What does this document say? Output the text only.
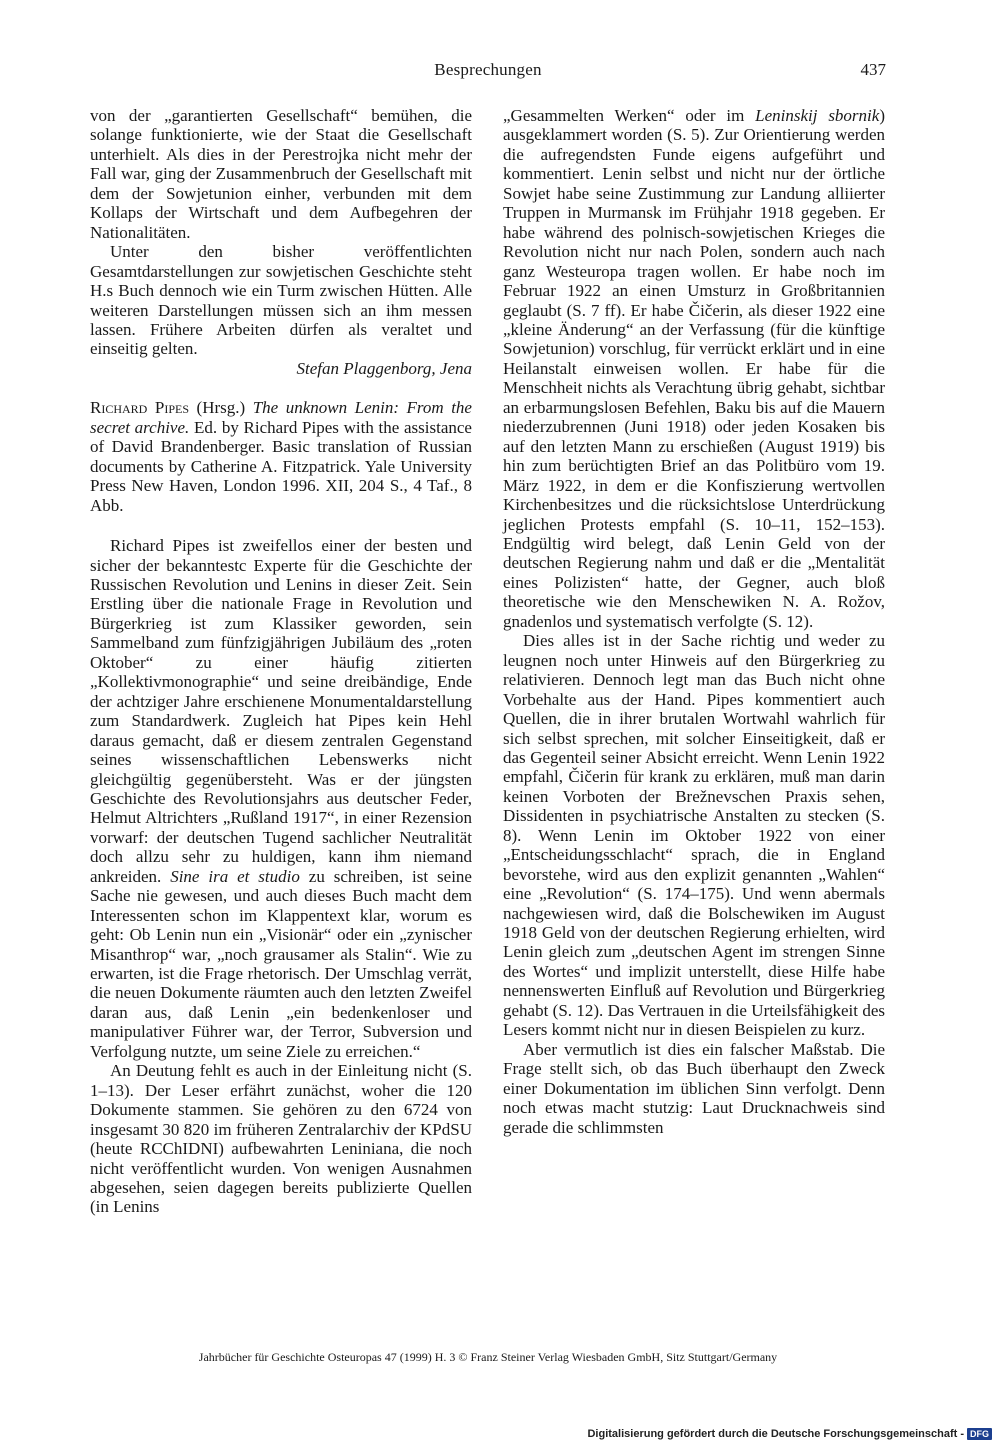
Besprechungen	437

von der „garantierten Gesellschaft“ bemühen, die solange funktionierte, wie der Staat die Gesellschaft unterhielt. Als dies in der Perestrojka nicht mehr der Fall war, ging der Zusammenbruch der Gesellschaft mit dem der Sowjetunion einher, verbunden mit dem Kollaps der Wirtschaft und dem Aufbegehren der Nationalitäten.

Unter den bisher veröffentlichten Gesamtdarstellungen zur sowjetischen Geschichte steht H.s Buch dennoch wie ein Turm zwischen Hütten. Alle weiteren Darstellungen müssen sich an ihm messen lassen. Frühere Arbeiten dürfen als veraltet und einseitig gelten.

Stefan Plaggenborg, Jena

Richard Pipes (Hrsg.) The unknown Lenin: From the secret archive. Ed. by Richard Pipes with the assistance of David Brandenberger. Basic translation of Russian documents by Catherine A. Fitzpatrick. Yale University Press New Haven, London 1996. XII, 204 S., 4 Taf., 8 Abb.

Richard Pipes ist zweifellos einer der besten und sicher der bekanntestc Experte für die Geschichte der Russischen Revolution und Lenins in dieser Zeit. Sein Erstling über die nationale Frage in Revolution und Bürgerkrieg ist zum Klassiker geworden, sein Sammelband zum fünfzigjährigen Jubiläum des „roten Oktober“ zu einer häufig zitierten „Kollektivmonographie“ und seine dreibändige, Ende der achtziger Jahre erschienene Monumentaldarstellung zum Standardwerk. Zugleich hat Pipes kein Hehl daraus gemacht, daß er diesem zentralen Gegenstand seines wissenschaftlichen Lebenswerks nicht gleichgültig gegenübersteht. Was er der jüngsten Geschichte des Revolutionsjahrs aus deutscher Feder, Helmut Altrichters „Rußland 1917“, in einer Rezension vorwarf: der deutschen Tugend sachlicher Neutralität doch allzu sehr zu huldigen, kann ihm niemand ankreiden. Sine ira et studio zu schreiben, ist seine Sache nie gewesen, und auch dieses Buch macht dem Interessenten schon im Klappentext klar, worum es geht: Ob Lenin nun ein „Visionär“ oder ein „zynischer Misanthrop“ war, „noch grausamer als Stalin“. Wie zu erwarten, ist die Frage rhetorisch. Der Umschlag verrät, die neuen Dokumente räumten auch den letzten Zweifel daran aus, daß Lenin „ein bedenkenloser und manipulativer Führer war, der Terror, Subversion und Verfolgung nutzte, um seine Ziele zu erreichen.“

An Deutung fehlt es auch in der Einleitung nicht (S. 1–13). Der Leser erfährt zunächst, woher die 120 Dokumente stammen. Sie gehören zu den 6724 von insgesamt 30 820 im früheren Zentralarchiv der KPdSU (heute RCChIDNI) aufbewahrten Leniniana, die noch nicht veröffentlicht wurden. Von wenigen Ausnahmen abgesehen, seien dagegen bereits publizierte Quellen (in Lenins

„Gesammelten Werken“ oder im Leninskij sbornik) ausgeklammert worden (S. 5). Zur Orientierung werden die aufregendsten Funde eigens aufgeführt und kommentiert. Lenin selbst und nicht nur der örtliche Sowjet habe seine Zustimmung zur Landung alliierter Truppen in Murmansk im Frühjahr 1918 gegeben. Er habe während des polnisch-sowjetischen Krieges die Revolution nicht nur nach Polen, sondern auch nach ganz Westeuropa tragen wollen. Er habe noch im Februar 1922 an einen Umsturz in Großbritannien geglaubt (S. 7 ff). Er habe Čičerin, als dieser 1922 eine „kleine Änderung“ an der Verfassung (für die künftige Sowjetunion) vorschlug, für verrückt erklärt und in eine Heilanstalt einweisen wollen. Er habe für die Menschheit nichts als Verachtung übrig gehabt, sichtbar an erbarmungslosen Befehlen, Baku bis auf die Mauern niederzubrennen (Juni 1918) oder jeden Kosaken bis auf den letzten Mann zu erschießen (August 1919) bis hin zum berüchtigten Brief an das Politbüro vom 19. März 1922, in dem er die Konfiszierung wertvollen Kirchenbesitzes und die rücksichtslose Unterdrückung jeglichen Protests empfahl (S. 10–11, 152–153). Endgültig wird belegt, daß Lenin Geld von der deutschen Regierung nahm und daß er die „Mentalität eines Polizisten“ hatte, der Gegner, auch bloß theoretische wie den Menschewiken N. A. Rožov, gnadenlos und systematisch verfolgte (S. 12).

Dies alles ist in der Sache richtig und weder zu leugnen noch unter Hinweis auf den Bürgerkrieg zu relativieren. Dennoch legt man das Buch nicht ohne Vorbehalte aus der Hand. Pipes kommentiert auch Quellen, die in ihrer brutalen Wortwahl wahrlich für sich selbst sprechen, mit solcher Einseitigkeit, daß er das Gegenteil seiner Absicht erreicht. Wenn Lenin 1922 empfahl, Čičerin für krank zu erklären, muß man darin keinen Vorboten der Brežnevschen Praxis sehen, Dissidenten in psychiatrische Anstalten zu stecken (S. 8). Wenn Lenin im Oktober 1922 von einer „Entscheidungsschlacht“ sprach, die in England bevorstehe, wird aus den explizit genannten „Wahlen“ eine „Revolution“ (S. 174–175). Und wenn abermals nachgewiesen wird, daß die Bolschewiken im August 1918 Geld von der deutschen Regierung erhielten, wird Lenin gleich zum „deutschen Agent im strengen Sinne des Wortes“ und implizit unterstellt, diese Hilfe habe nennenswerten Einfluß auf Revolution und Bürgerkrieg gehabt (S. 12). Das Vertrauen in die Urteilsfähigkeit des Lesers kommt nicht nur in diesen Beispielen zu kurz.

Aber vermutlich ist dies ein falscher Maßstab. Die Frage stellt sich, ob das Buch überhaupt den Zweck einer Dokumentation im üblichen Sinn verfolgt. Denn noch etwas macht stutzig: Laut Drucknachweis sind gerade die schlimmsten

Jahrbücher für Geschichte Osteuropas 47 (1999) H. 3 © Franz Steiner Verlag Wiesbaden GmbH, Sitz Stuttgart/Germany
Digitalisierung gefördert durch die Deutsche Forschungsgemeinschaft - DFG
